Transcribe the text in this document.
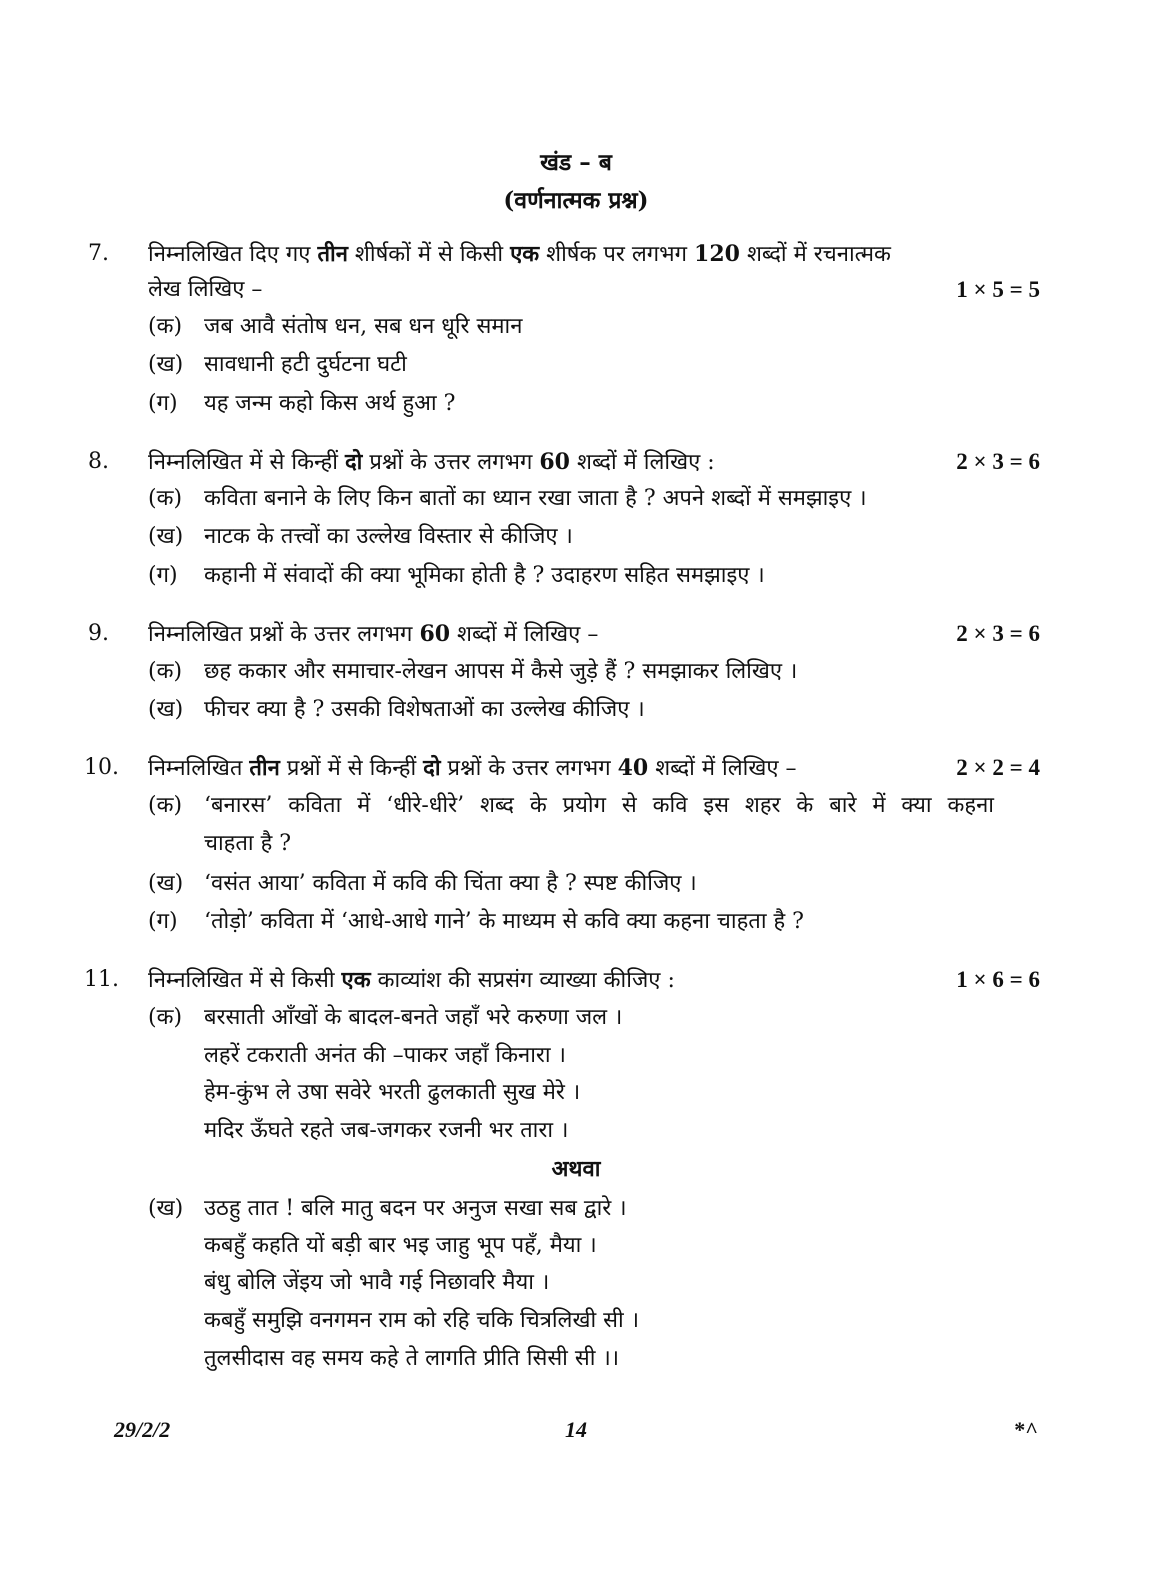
खंड – ब
(वर्णनात्मक प्रश्न)
7. निम्नलिखित दिए गए तीन शीर्षकों में से किसी एक शीर्षक पर लगभग 120 शब्दों में रचनात्मक
लेख लिखिए –	1 × 5 = 5
(क) जब आवै संतोष धन, सब धन धूरि समान
(ख) सावधानी हटी दुर्घटना घटी
(ग) यह जन्म कहो किस अर्थ हुआ ?
8. निम्नलिखित में से किन्हीं दो प्रश्नों के उत्तर लगभग 60 शब्दों में लिखिए :	2 × 3 = 6
(क) कविता बनाने के लिए किन बातों का ध्यान रखा जाता है ? अपने शब्दों में समझाइए ।
(ख) नाटक के तत्त्वों का उल्लेख विस्तार से कीजिए ।
(ग) कहानी में संवादों की क्या भूमिका होती है ? उदाहरण सहित समझाइए ।
9. निम्नलिखित प्रश्नों के उत्तर लगभग 60 शब्दों में लिखिए –	2 × 3 = 6
(क) छह ककार और समाचार-लेखन आपस में कैसे जुड़े हैं ? समझाकर लिखिए ।
(ख) फीचर क्या है ? उसकी विशेषताओं का उल्लेख कीजिए ।
10. निम्नलिखित तीन प्रश्नों में से किन्हीं दो प्रश्नों के उत्तर लगभग 40 शब्दों में लिखिए –	2 × 2 = 4
(क) ‘बनारस’ कविता में ‘धीरे-धीरे’ शब्द के प्रयोग से कवि इस शहर के बारे में क्या कहना
चाहता है ?
(ख) ‘वसंत आया’ कविता में कवि की चिंता क्या है ? स्पष्ट कीजिए ।
(ग) ‘तोड़ो’ कविता में ‘आधे-आधे गाने’ के माध्यम से कवि क्या कहना चाहता है ?
11. निम्नलिखित में से किसी एक काव्यांश की सप्रसंग व्याख्या कीजिए :	1 × 6 = 6
(क) बरसाती आँखों के बादल-बनते जहाँ भरे करुणा जल ।
लहरें टकराती अनंत की –पाकर जहाँ किनारा ।
हेम-कुंभ ले उषा सवेरे भरती ढुलकाती सुख मेरे ।
मदिर ऊँघते रहते जब-जगकर रजनी भर तारा ।
अथवा
(ख) उठहु तात ! बलि मातु बदन पर अनुज सखा सब द्वारे ।
कबहुँ कहति यों बड़ी बार भइ जाहु भूप पहँ, मैया ।
बंधु बोलि जेंइय जो भावै गई निछावरि मैया ।
कबहुँ समुझि वनगमन राम को रहि चकि चित्रलिखी सी ।
तुलसीदास वह समय कहे ते लागति प्रीति सिसी सी ।।
29/2/2	14	*^
